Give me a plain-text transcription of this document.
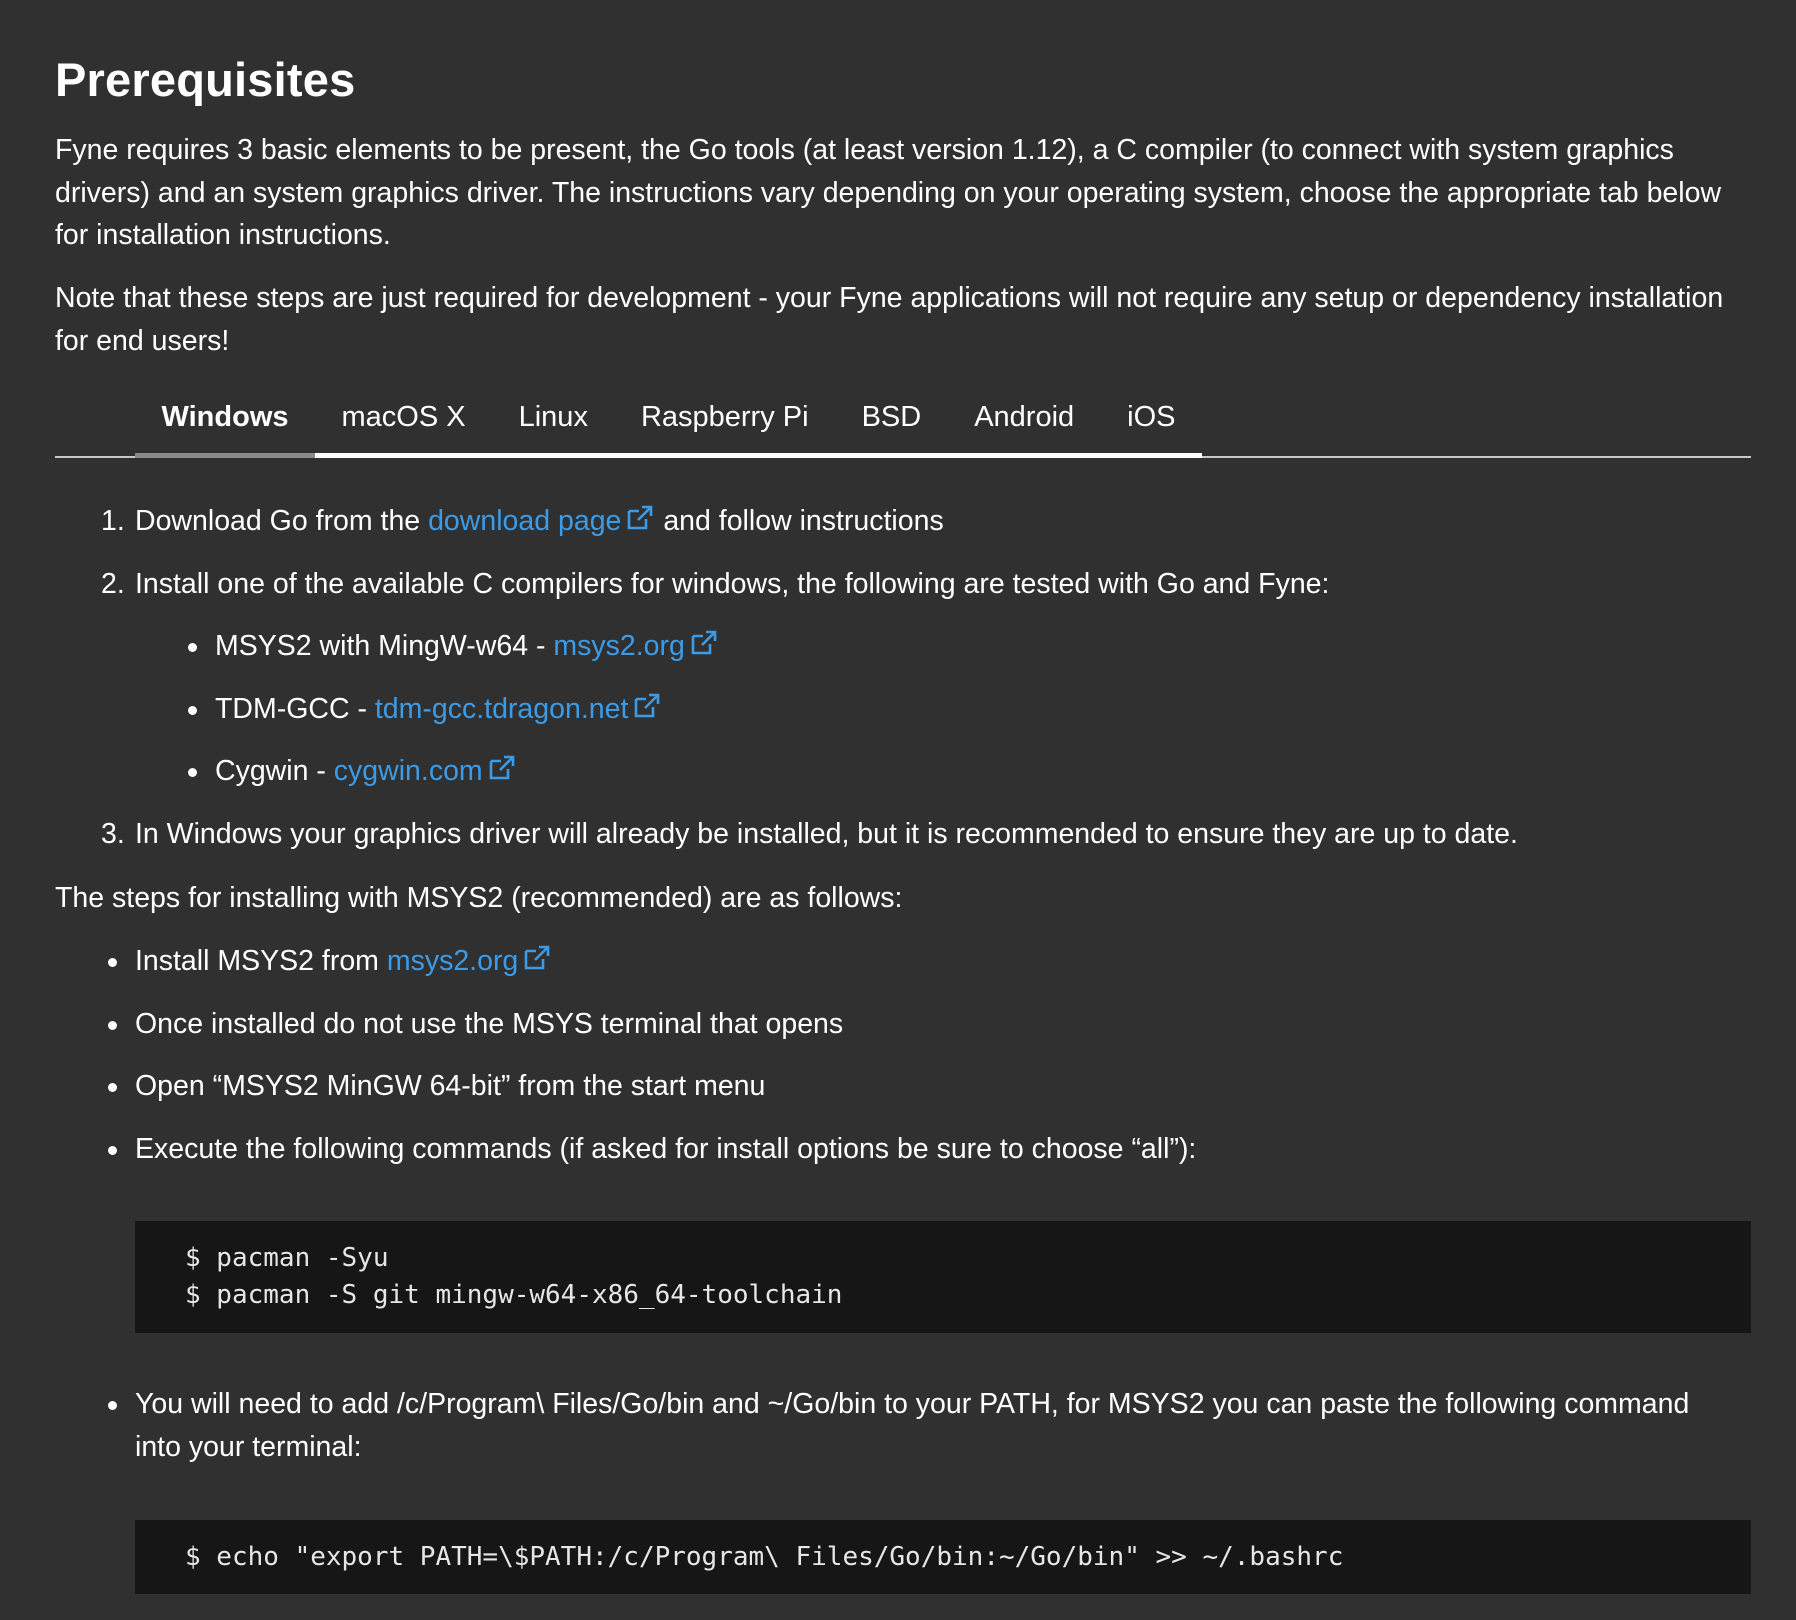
Prerequisites

Fyne requires 3 basic elements to be present, the Go tools (at least version 1.12), a C compiler (to connect with system graphics drivers) and an system graphics driver. The instructions vary depending on your operating system, choose the appropriate tab below for installation instructions.

Note that these steps are just required for development - your Fyne applications will not require any setup or dependency installation for end users!

Windows	macOS X	Linux	Raspberry Pi	BSD	Android	iOS
1. Download Go from the download page
and follow instructions
2. Install one of the available C compilers for windows, the following are tested with Go and Fyne:
MSYS2 with MingW-w64 - msys2.org
TDM-GCC - tdm-gcc.tdragon.net
Cygwin - cygwin.com
3. In Windows your graphics driver will already be installed, but it is recommended to ensure they are up to date.

The steps for installing with MSYS2 (recommended) are as follows:

Install MSYS2 from msys2.org
Once installed do not use the MSYS terminal that opens
Open “MSYS2 MinGW 64-bit” from the start menu
Execute the following commands (if asked for install options be sure to choose “all”):
$ pacman -Syu
$ pacman -S git mingw-w64-x86_64-toolchain
You will need to add /c/Program\ Files/Go/bin and ~/Go/bin to your PATH, for MSYS2 you can paste the following command into your terminal:
$ echo "export PATH=\$PATH:/c/Program\ Files/Go/bin:~/Go/bin" >> ~/.bashrc
